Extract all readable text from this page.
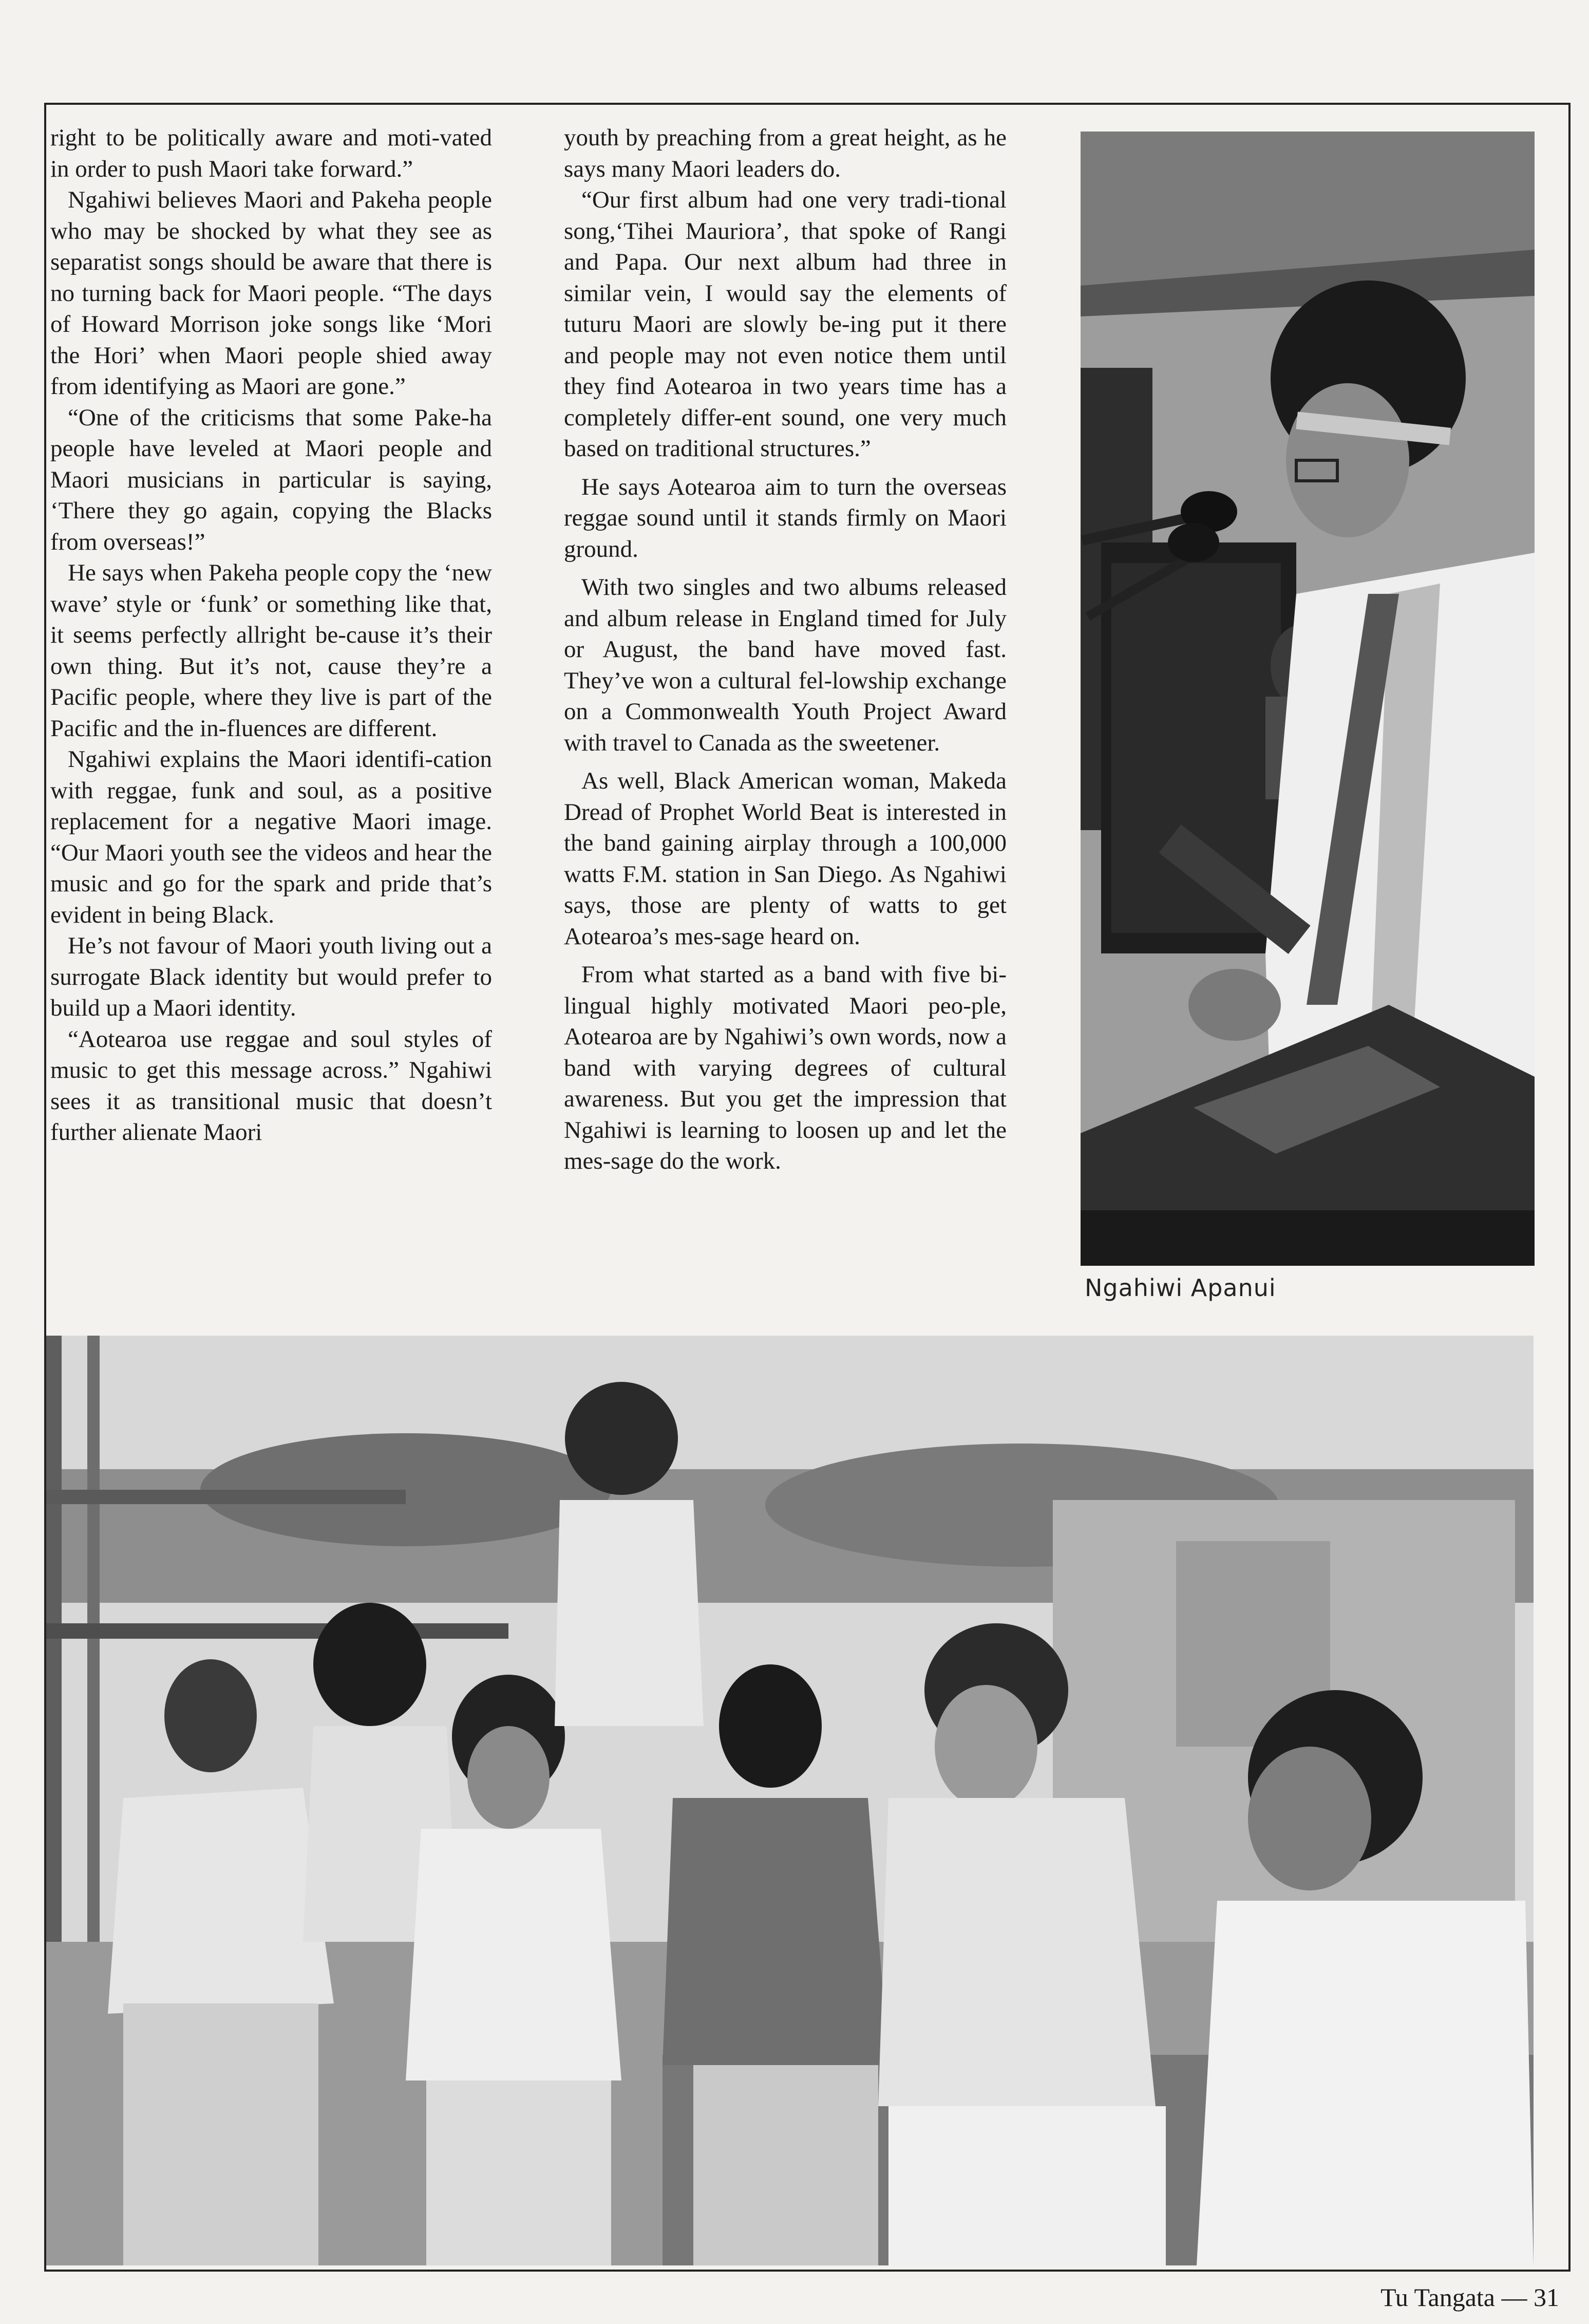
right to be politically aware and moti-vated in order to push Maori take forward.”

Ngahiwi believes Maori and Pakeha people who may be shocked by what they see as separatist songs should be aware that there is no turning back for Maori people. “The days of Howard Morrison joke songs like ‘Mori the Hori’ when Maori people shied away from identifying as Maori are gone.”

“One of the criticisms that some Pake-ha people have leveled at Maori people and Maori musicians in particular is saying, ‘There they go again, copying the Blacks from overseas!”

He says when Pakeha people copy the ‘new wave’ style or ‘funk’ or something like that, it seems perfectly allright be-cause it’s their own thing. But it’s not, cause they’re a Pacific people, where they live is part of the Pacific and the in-fluences are different.

Ngahiwi explains the Maori identifi-cation with reggae, funk and soul, as a positive replacement for a negative Maori image. “Our Maori youth see the videos and hear the music and go for the spark and pride that’s evident in being Black.

He’s not favour of Maori youth living out a surrogate Black identity but would prefer to build up a Maori identity.

“Aotearoa use reggae and soul styles of music to get this message across.” Ngahiwi sees it as transitional music that doesn’t further alienate Maori

youth by preaching from a great height, as he says many Maori leaders do.

“Our first album had one very tradi-tional song,‘Tihei Mauriora’, that spoke of Rangi and Papa. Our next album had three in similar vein, I would say the elements of tuturu Maori are slowly be-ing put it there and people may not even notice them until they find Aotearoa in two years time has a completely differ-ent sound, one very much based on traditional structures.”

He says Aotearoa aim to turn the overseas reggae sound until it stands firmly on Maori ground.

With two singles and two albums released and album release in England timed for July or August, the band have moved fast. They’ve won a cultural fel-lowship exchange on a Commonwealth Youth Project Award with travel to Canada as the sweetener.

As well, Black American woman, Makeda Dread of Prophet World Beat is interested in the band gaining airplay through a 100,000 watts F.M. station in San Diego. As Ngahiwi says, those are plenty of watts to get Aotearoa’s mes-sage heard on.

From what started as a band with five bi-lingual highly motivated Maori peo-ple, Aotearoa are by Ngahiwi’s own words, now a band with varying degrees of cultural awareness. But you get the impression that Ngahiwi is learning to loosen up and let the mes-sage do the work.

Ngahiwi Apanui
Tu Tangata — 31
